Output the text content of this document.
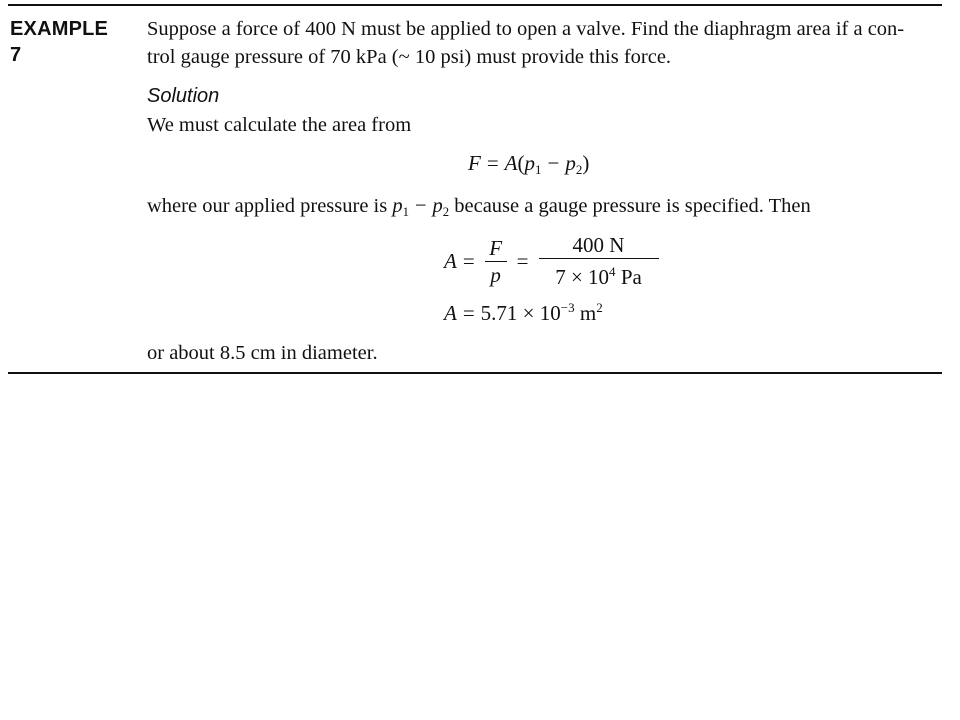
EXAMPLE
7
Suppose a force of 400 N must be applied to open a valve. Find the diaphragm area if a con-
trol gauge pressure of 70 kPa (~ 10 psi) must provide this force.
Solution
We must calculate the area from
$F = A(p_1 - p_2)$
where our applied pressure is $p_1 - p_2$ because a gauge pressure is specified. Then
$A = \frac{F}{p} = \frac{400 N}{7 \times 10^4 Pa}$
$A = 5.71 \times 10^{-3}$ $m^2$
or about 8.5 cm in diameter.
